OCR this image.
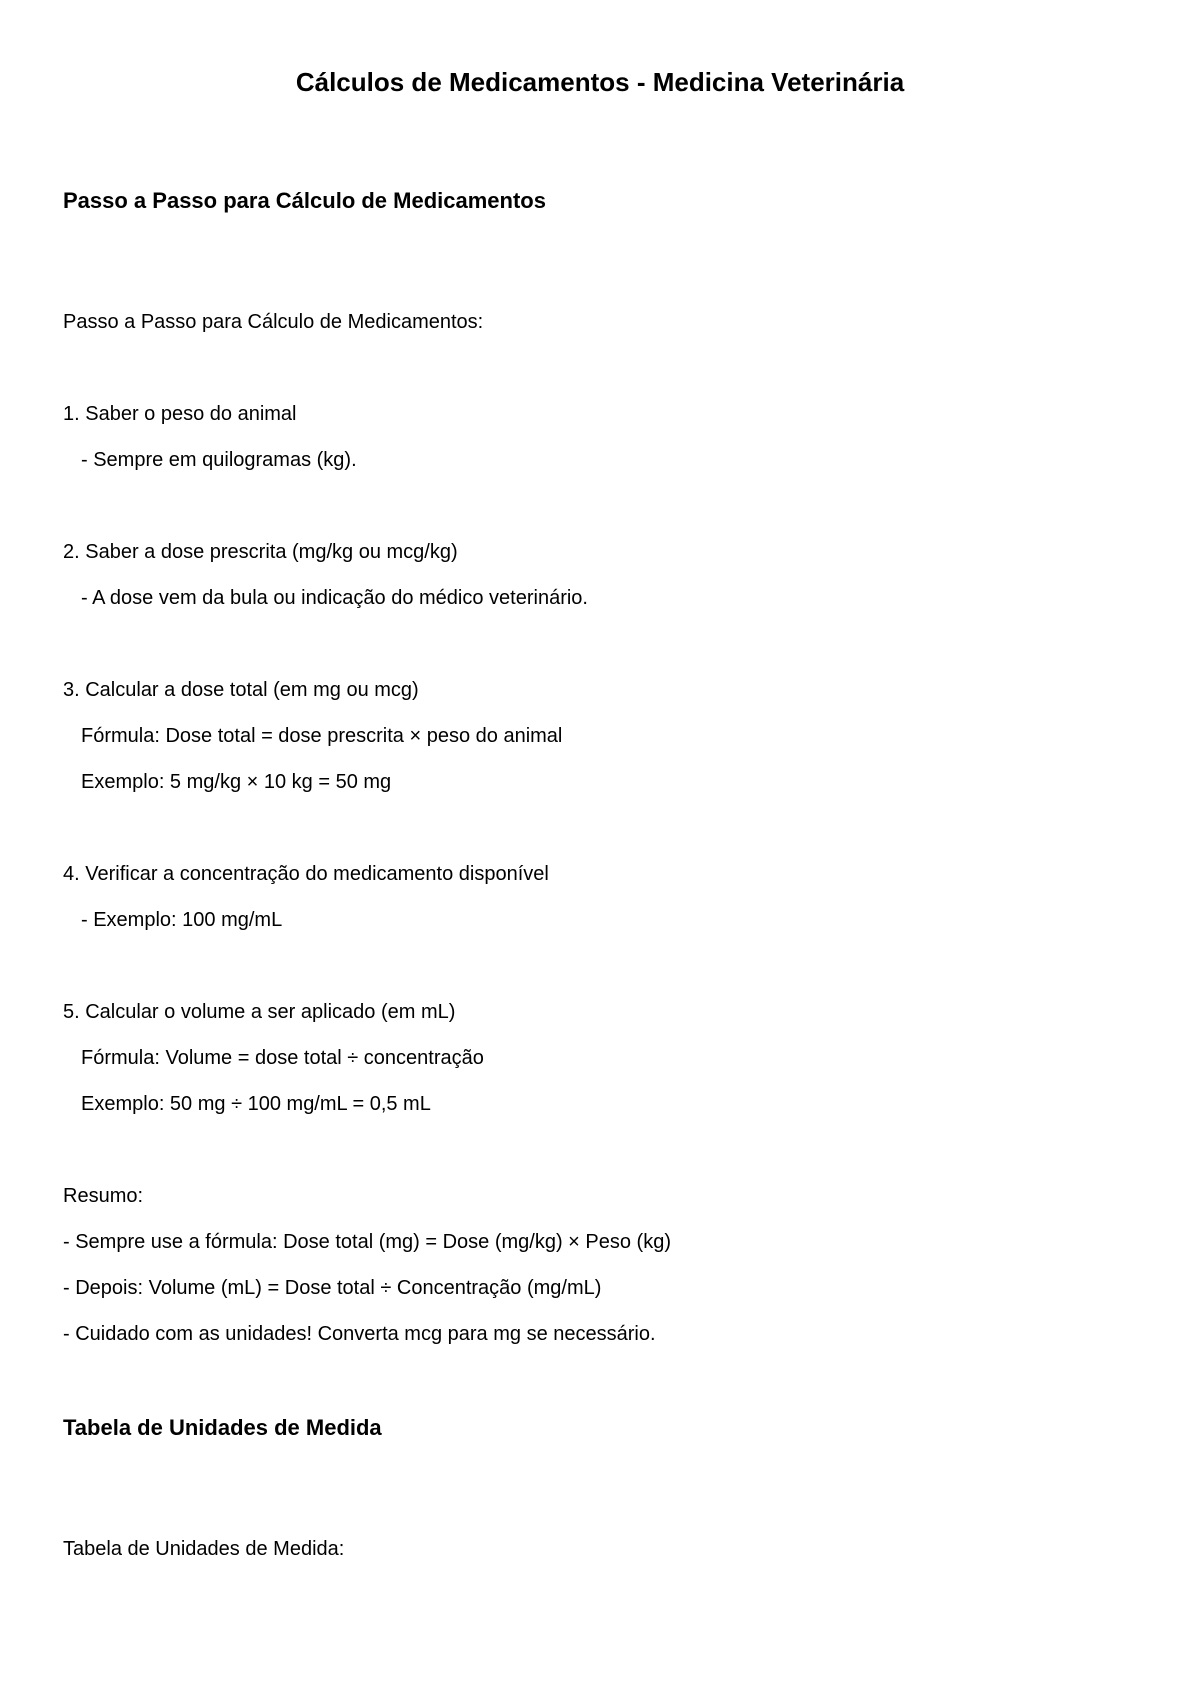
Cálculos de Medicamentos - Medicina Veterinária
Passo a Passo para Cálculo de Medicamentos

Passo a Passo para Cálculo de Medicamentos:

1. Saber o peso do animal

- Sempre em quilogramas (kg).

2. Saber a dose prescrita (mg/kg ou mcg/kg)

- A dose vem da bula ou indicação do médico veterinário.

3. Calcular a dose total (em mg ou mcg)

Fórmula: Dose total = dose prescrita × peso do animal

Exemplo: 5 mg/kg × 10 kg = 50 mg

4. Verificar a concentração do medicamento disponível

- Exemplo: 100 mg/mL

5. Calcular o volume a ser aplicado (em mL)

Fórmula: Volume = dose total ÷ concentração

Exemplo: 50 mg ÷ 100 mg/mL = 0,5 mL

Resumo:

- Sempre use a fórmula: Dose total (mg) = Dose (mg/kg) × Peso (kg)

- Depois: Volume (mL) = Dose total ÷ Concentração (mg/mL)

- Cuidado com as unidades! Converta mcg para mg se necessário.

Tabela de Unidades de Medida

Tabela de Unidades de Medida:
